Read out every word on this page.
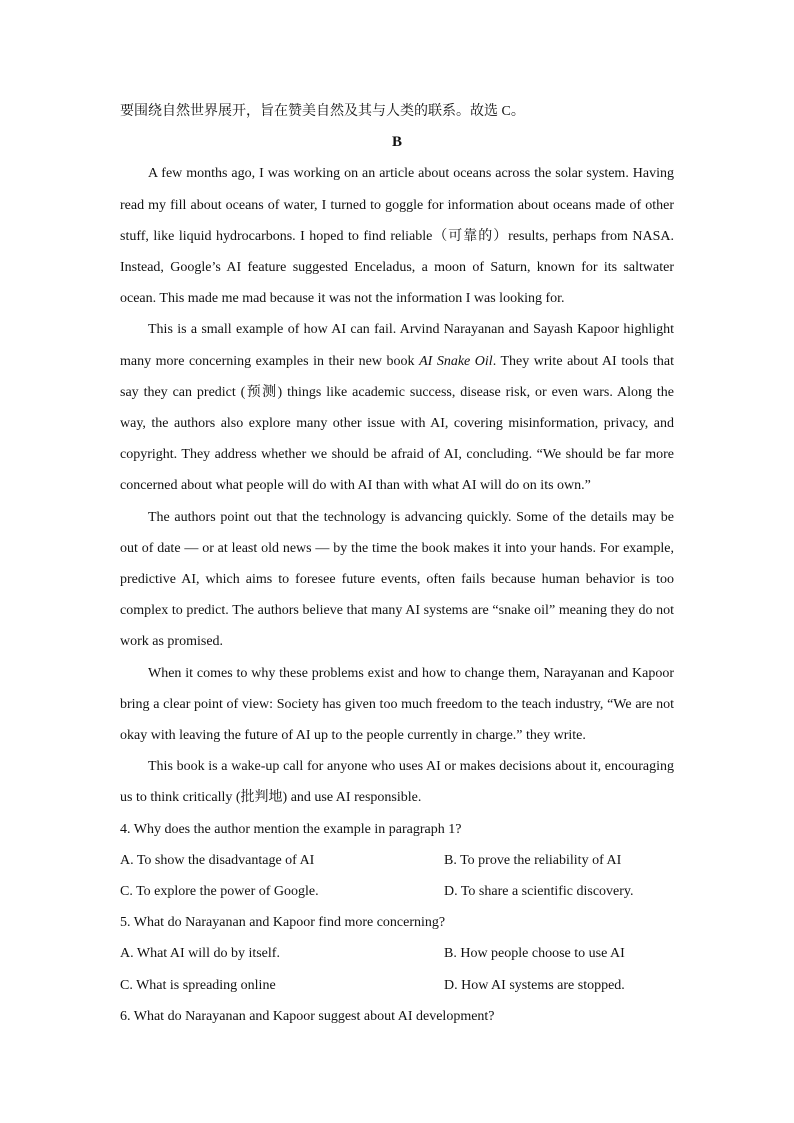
要围绕自然世界展开，旨在赞美自然及其与人类的联系。故选 C。

B

A few months ago, I was working on an article about oceans across the solar system. Having read my fill about oceans of water, I turned to goggle for information about oceans made of other stuff, like liquid hydrocarbons. I hoped to find reliable（可靠的）results, perhaps from NASA. Instead, Google’s AI feature suggested Enceladus, a moon of Saturn, known for its saltwater ocean. This made me mad because it was not the information I was looking for.

This is a small example of how AI can fail. Arvind Narayanan and Sayash Kapoor highlight many more concerning examples in their new book AI Snake Oil. They write about AI tools that say they can predict (预测) things like academic success, disease risk, or even wars. Along the way, the authors also explore many other issue with AI, covering misinformation, privacy, and copyright. They address whether we should be afraid of AI, concluding. “We should be far more concerned about what people will do with AI than with what AI will do on its own.”

The authors point out that the technology is advancing quickly. Some of the details may be out of date — or at least old news — by the time the book makes it into your hands. For example, predictive AI, which aims to foresee future events, often fails because human behavior is too complex to predict. The authors believe that many AI systems are “snake oil” meaning they do not work as promised.

When it comes to why these problems exist and how to change them, Narayanan and Kapoor bring a clear point of view: Society has given too much freedom to the teach industry, “We are not okay with leaving the future of AI up to the people currently in charge.” they write.

This book is a wake-up call for anyone who uses AI or makes decisions about it, encouraging us to think critically (批判地) and use AI responsible.

4. Why does the author mention the example in paragraph 1?

A. To show the disadvantage of AI	B. To prove the reliability of AI
C. To explore the power of Google.	D. To share a scientific discovery.

5. What do Narayanan and Kapoor find more concerning?

A. What AI will do by itself.	B. How people choose to use AI
C. What is spreading online	D. How AI systems are stopped.

6. What do Narayanan and Kapoor suggest about AI development?
